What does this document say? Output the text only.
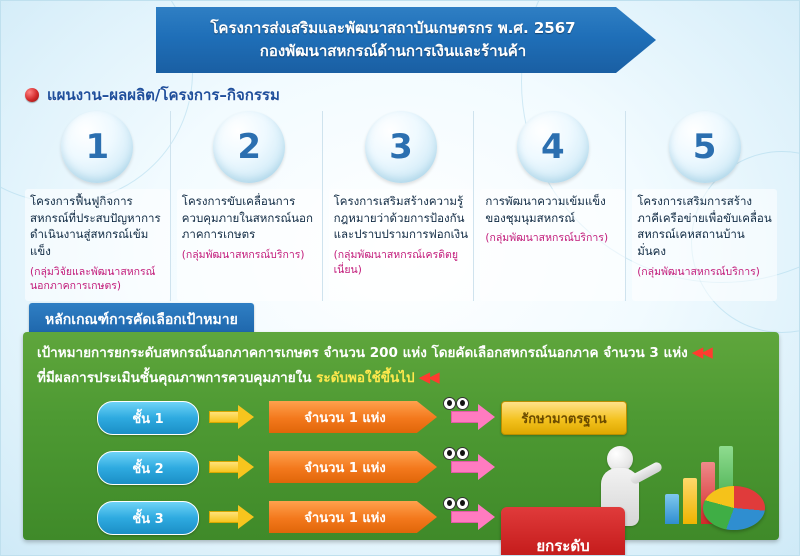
โครงการส่งเสริมและพัฒนาสถาบันเกษตรกร พ.ศ. 2567
กองพัฒนาสหกรณ์ด้านการเงินและร้านค้า
แผนงาน–ผลผลิต/โครงการ–กิจกรรม
1
โครงการฟื้นฟูกิจการสหกรณ์ที่ประสบปัญหาการดำเนินงานสู่สหกรณ์เข้มแข็ง
(กลุ่มวิจัยและพัฒนาสหกรณ์นอกภาคการเกษตร)
2
โครงการขับเคลื่อนการควบคุมภายในสหกรณ์นอกภาคการเกษตร
(กลุ่มพัฒนาสหกรณ์บริการ)
3
โครงการเสริมสร้างความรู้กฎหมายว่าด้วยการป้องกันและปราบปรามการฟอกเงิน
(กลุ่มพัฒนาสหกรณ์เครดิตยูเนี่ยน)
4
การพัฒนาความเข้มแข็งของชุมนุมสหกรณ์
(กลุ่มพัฒนาสหกรณ์บริการ)
5
โครงการเสริมการสร้างภาคีเครือข่ายเพื่อขับเคลื่อนสหกรณ์เคหสถานบ้านมั่นคง
(กลุ่มพัฒนาสหกรณ์บริการ)
หลักเกณฑ์การคัดเลือกเป้าหมาย
เป้าหมายการยกระดับสหกรณ์นอกภาคการเกษตร จำนวน 200 แห่ง โดยคัดเลือกสหกรณ์นอกภาค จำนวน 3 แห่ง ◀◀
ที่มีผลการประเมินชั้นคุณภาพการควบคุมภายใน ระดับพอใช้ขึ้นไป ◀◀
ชั้น 1	จำนวน 1 แห่ง	รักษามาตรฐาน
ชั้น 2	จำนวน 1 แห่ง
ยกระดับ
ชั้น 3	จำนวน 1 แห่ง
